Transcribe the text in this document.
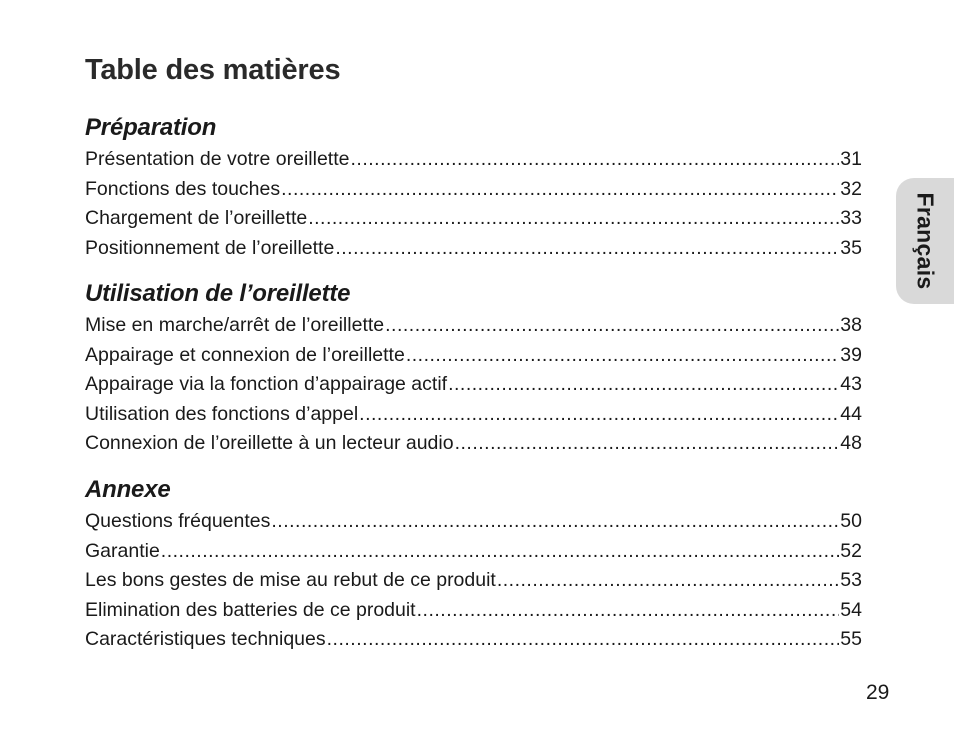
Table des matières
Préparation
Présentation de votre oreillette .....	31
Fonctions des touches .....	32
Chargement de l’oreillette .....	33
Positionnement de l’oreillette .....	35
Utilisation de l’oreillette
Mise en marche/arrêt de l’oreillette .....	38
Appairage et connexion de l’oreillette .....	39
Appairage via la fonction d’appairage actif .....	43
Utilisation des fonctions d’appel .....	44
Connexion de l’oreillette à un lecteur audio .....	48
Annexe
Questions fréquentes .....	50
Garantie .....	52
Les bons gestes de mise au rebut de ce produit .....	53
Elimination des batteries de ce produit .....	54
Caractéristiques techniques .....	55
Français
29
